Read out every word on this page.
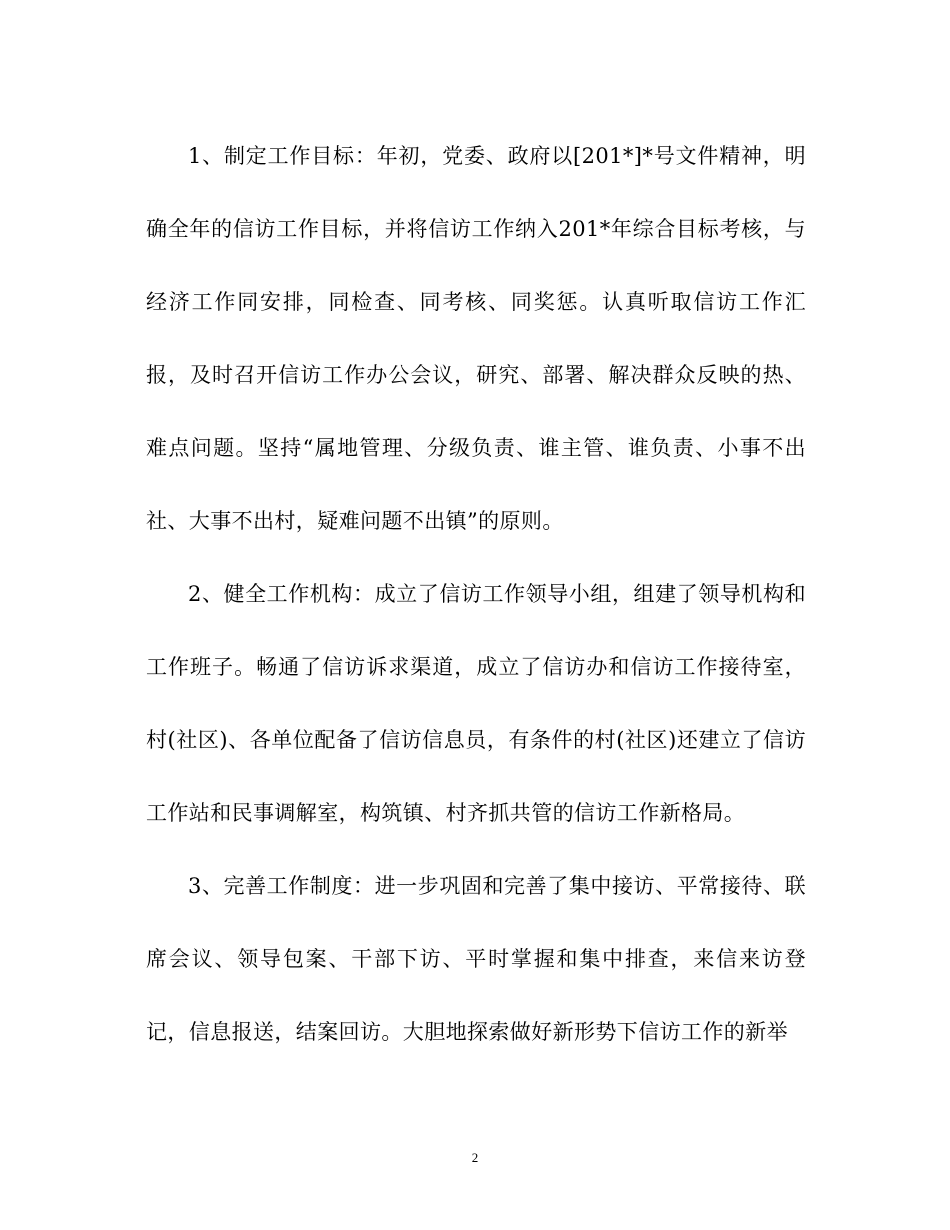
1、制定工作目标：年初，党委、政府以[201*]*号文件精神，明确全年的信访工作目标，并将信访工作纳入201*年综合目标考核，与经济工作同安排，同检查、同考核、同奖惩。认真听取信访工作汇报，及时召开信访工作办公会议，研究、部署、解决群众反映的热、难点问题。坚持“属地管理、分级负责、谁主管、谁负责、小事不出社、大事不出村，疑难问题不出镇”的原则。

2、健全工作机构：成立了信访工作领导小组，组建了领导机构和工作班子。畅通了信访诉求渠道，成立了信访办和信访工作接待室，村(社区)、各单位配备了信访信息员，有条件的村(社区)还建立了信访工作站和民事调解室，构筑镇、村齐抓共管的信访工作新格局。

3、完善工作制度：进一步巩固和完善了集中接访、平常接待、联席会议、领导包案、干部下访、平时掌握和集中排查，来信来访登记，信息报送，结案回访。大胆地探索做好新形势下信访工作的新举

2
